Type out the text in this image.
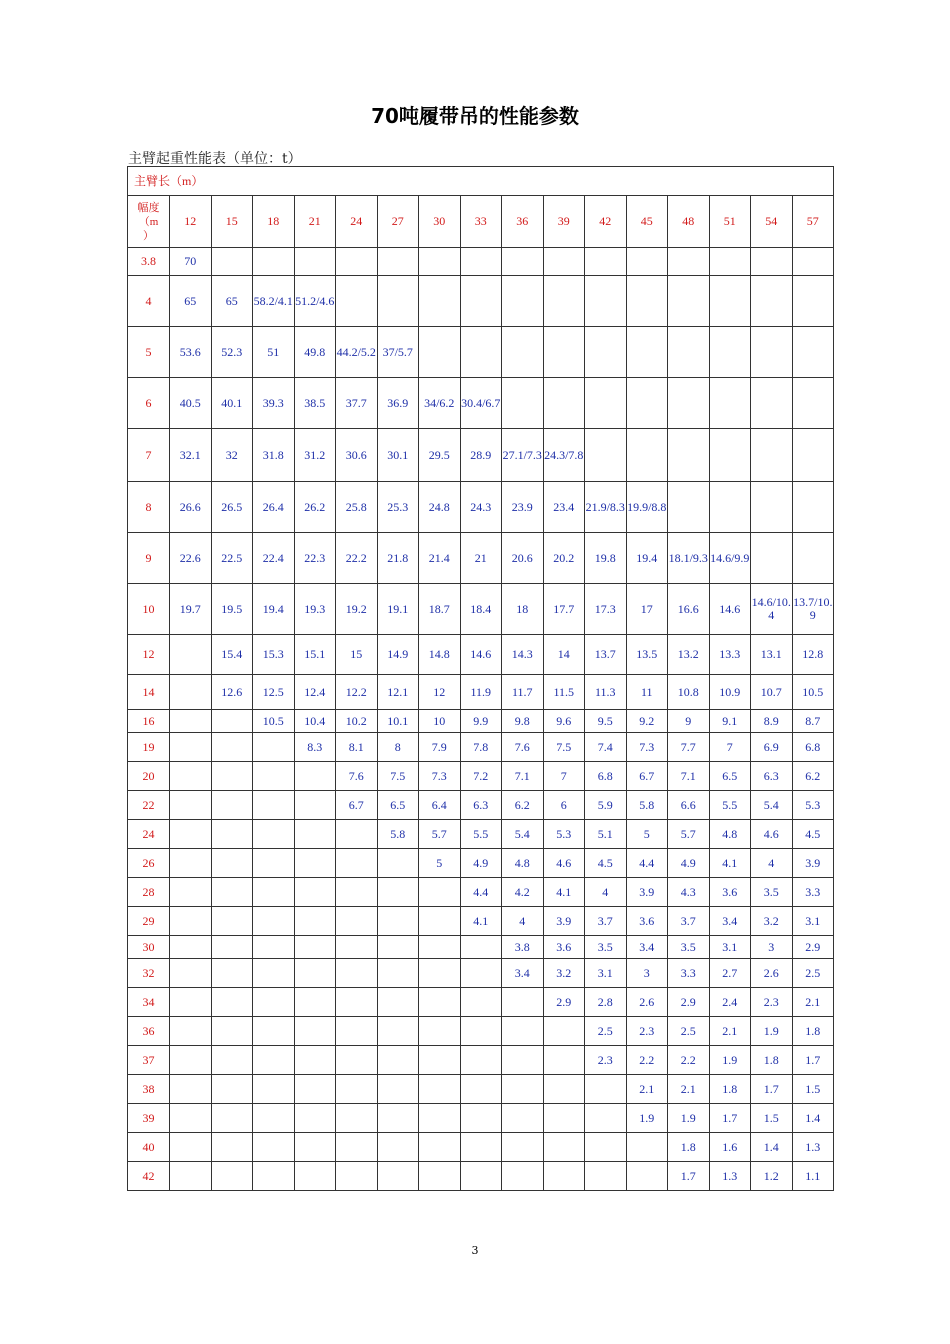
70吨履带吊的性能参数
主臂起重性能表（单位：t）
主臂长（m）																
幅度
（m
）	12	15	18	21	24	27	30	33	36	39	42	45	48	51	54	57
3.8	70															
4	65	65	58.2/4.1	51.2/4.6												
5	53.6	52.3	51	49.8	44.2/5.2	37/5.7										
6	40.5	40.1	39.3	38.5	37.7	36.9	34/6.2	30.4/6.7								
7	32.1	32	31.8	31.2	30.6	30.1	29.5	28.9	27.1/7.3	24.3/7.8						
8	26.6	26.5	26.4	26.2	25.8	25.3	24.8	24.3	23.9	23.4	21.9/8.3	19.9/8.8				
9	22.6	22.5	22.4	22.3	22.2	21.8	21.4	21	20.6	20.2	19.8	19.4	18.1/9.3	14.6/9.9		
10	19.7	19.5	19.4	19.3	19.2	19.1	18.7	18.4	18	17.7	17.3	17	16.6	14.6	14.6/10.4	13.7/10.9
12		15.4	15.3	15.1	15	14.9	14.8	14.6	14.3	14	13.7	13.5	13.2	13.3	13.1	12.8
14		12.6	12.5	12.4	12.2	12.1	12	11.9	11.7	11.5	11.3	11	10.8	10.9	10.7	10.5
16			10.5	10.4	10.2	10.1	10	9.9	9.8	9.6	9.5	9.2	9	9.1	8.9	8.7
19				8.3	8.1	8	7.9	7.8	7.6	7.5	7.4	7.3	7.7	7	6.9	6.8
20					7.6	7.5	7.3	7.2	7.1	7	6.8	6.7	7.1	6.5	6.3	6.2
22					6.7	6.5	6.4	6.3	6.2	6	5.9	5.8	6.6	5.5	5.4	5.3
24						5.8	5.7	5.5	5.4	5.3	5.1	5	5.7	4.8	4.6	4.5
26							5	4.9	4.8	4.6	4.5	4.4	4.9	4.1	4	3.9
28								4.4	4.2	4.1	4	3.9	4.3	3.6	3.5	3.3
29								4.1	4	3.9	3.7	3.6	3.7	3.4	3.2	3.1
30									3.8	3.6	3.5	3.4	3.5	3.1	3	2.9
32									3.4	3.2	3.1	3	3.3	2.7	2.6	2.5
34										2.9	2.8	2.6	2.9	2.4	2.3	2.1
36											2.5	2.3	2.5	2.1	1.9	1.8
37											2.3	2.2	2.2	1.9	1.8	1.7
38												2.1	2.1	1.8	1.7	1.5
39												1.9	1.9	1.7	1.5	1.4
40													1.8	1.6	1.4	1.3
42													1.7	1.3	1.2	1.1
3
